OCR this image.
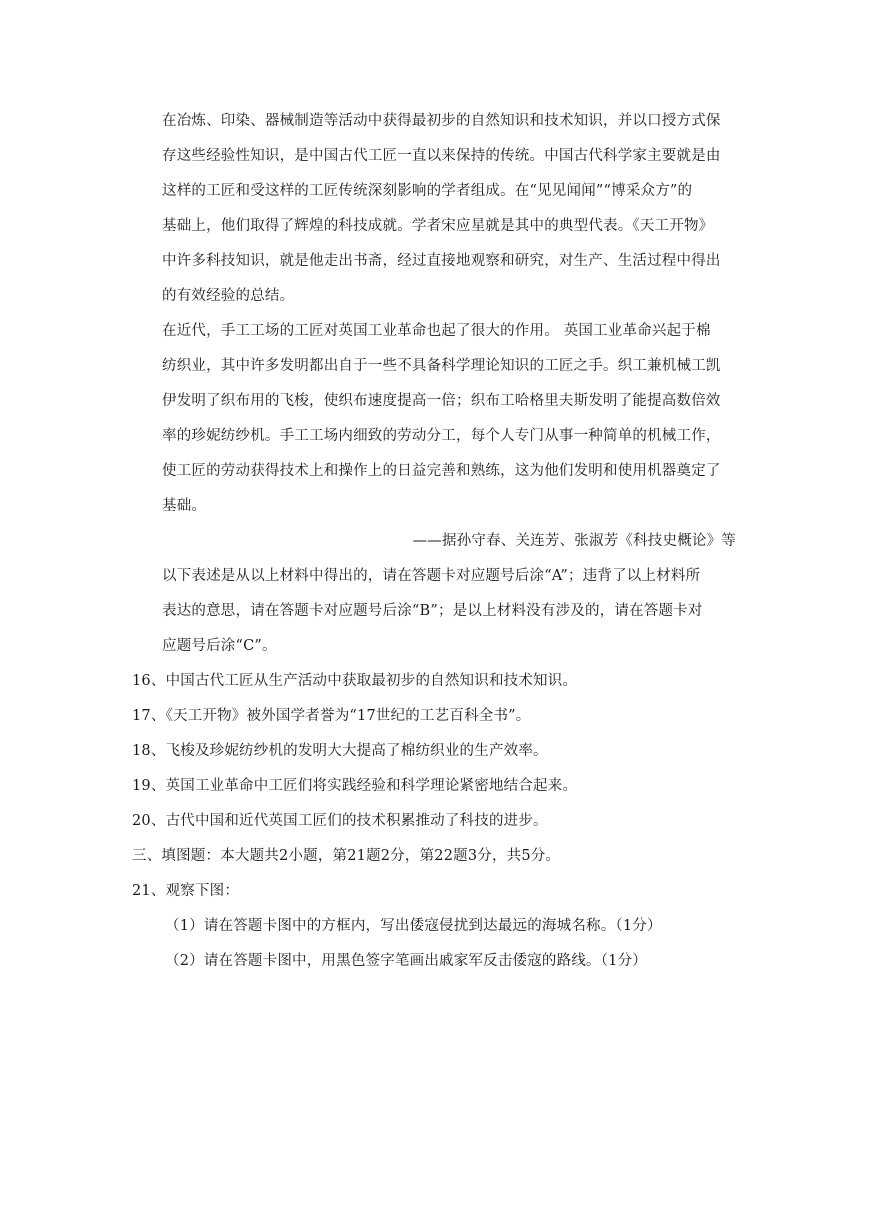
在冶炼、印染、器械制造等活动中获得最初步的自然知识和技术知识，并以口授方式保
存这些经验性知识，是中国古代工匠一直以来保持的传统。中国古代科学家主要就是由
这样的工匠和受这样的工匠传统深刻影响的学者组成。在“见见闻闻”“博采众方”的
基础上，他们取得了辉煌的科技成就。学者宋应星就是其中的典型代表。《天工开物》
中许多科技知识，就是他走出书斋，经过直接地观察和研究，对生产、生活过程中得出
的有效经验的总结。
在近代，手工工场的工匠对英国工业革命也起了很大的作用。 英国工业革命兴起于棉
纺织业，其中许多发明都出自于一些不具备科学理论知识的工匠之手。织工兼机械工凯
伊发明了织布用的飞梭，使织布速度提高一倍；织布工哈格里夫斯发明了能提高数倍效
率的珍妮纺纱机。手工工场内细致的劳动分工，每个人专门从事一种简单的机械工作，
使工匠的劳动获得技术上和操作上的日益完善和熟练，这为他们发明和使用机器奠定了
基础。
——据孙守春、关连芳、张淑芳《科技史概论》等
以下表述是从以上材料中得出的，请在答题卡对应题号后涂“A”；违背了以上材料所
表达的意思，请在答题卡对应题号后涂“B”；是以上材料没有涉及的，请在答题卡对
应题号后涂“C”。
16、中国古代工匠从生产活动中获取最初步的自然知识和技术知识。
17、《天工开物》被外国学者誉为“17世纪的工艺百科全书”。
18、飞梭及珍妮纺纱机的发明大大提高了棉纺织业的生产效率。
19、英国工业革命中工匠们将实践经验和科学理论紧密地结合起来。
20、古代中国和近代英国工匠们的技术积累推动了科技的进步。
三、填图题：本大题共2小题，第21题2分，第22题3分，共5分。
21、观察下图：
（1）请在答题卡图中的方框内，写出倭寇侵扰到达最远的海城名称。（1分）
（2）请在答题卡图中，用黑色签字笔画出戚家军反击倭寇的路线。（1分）
